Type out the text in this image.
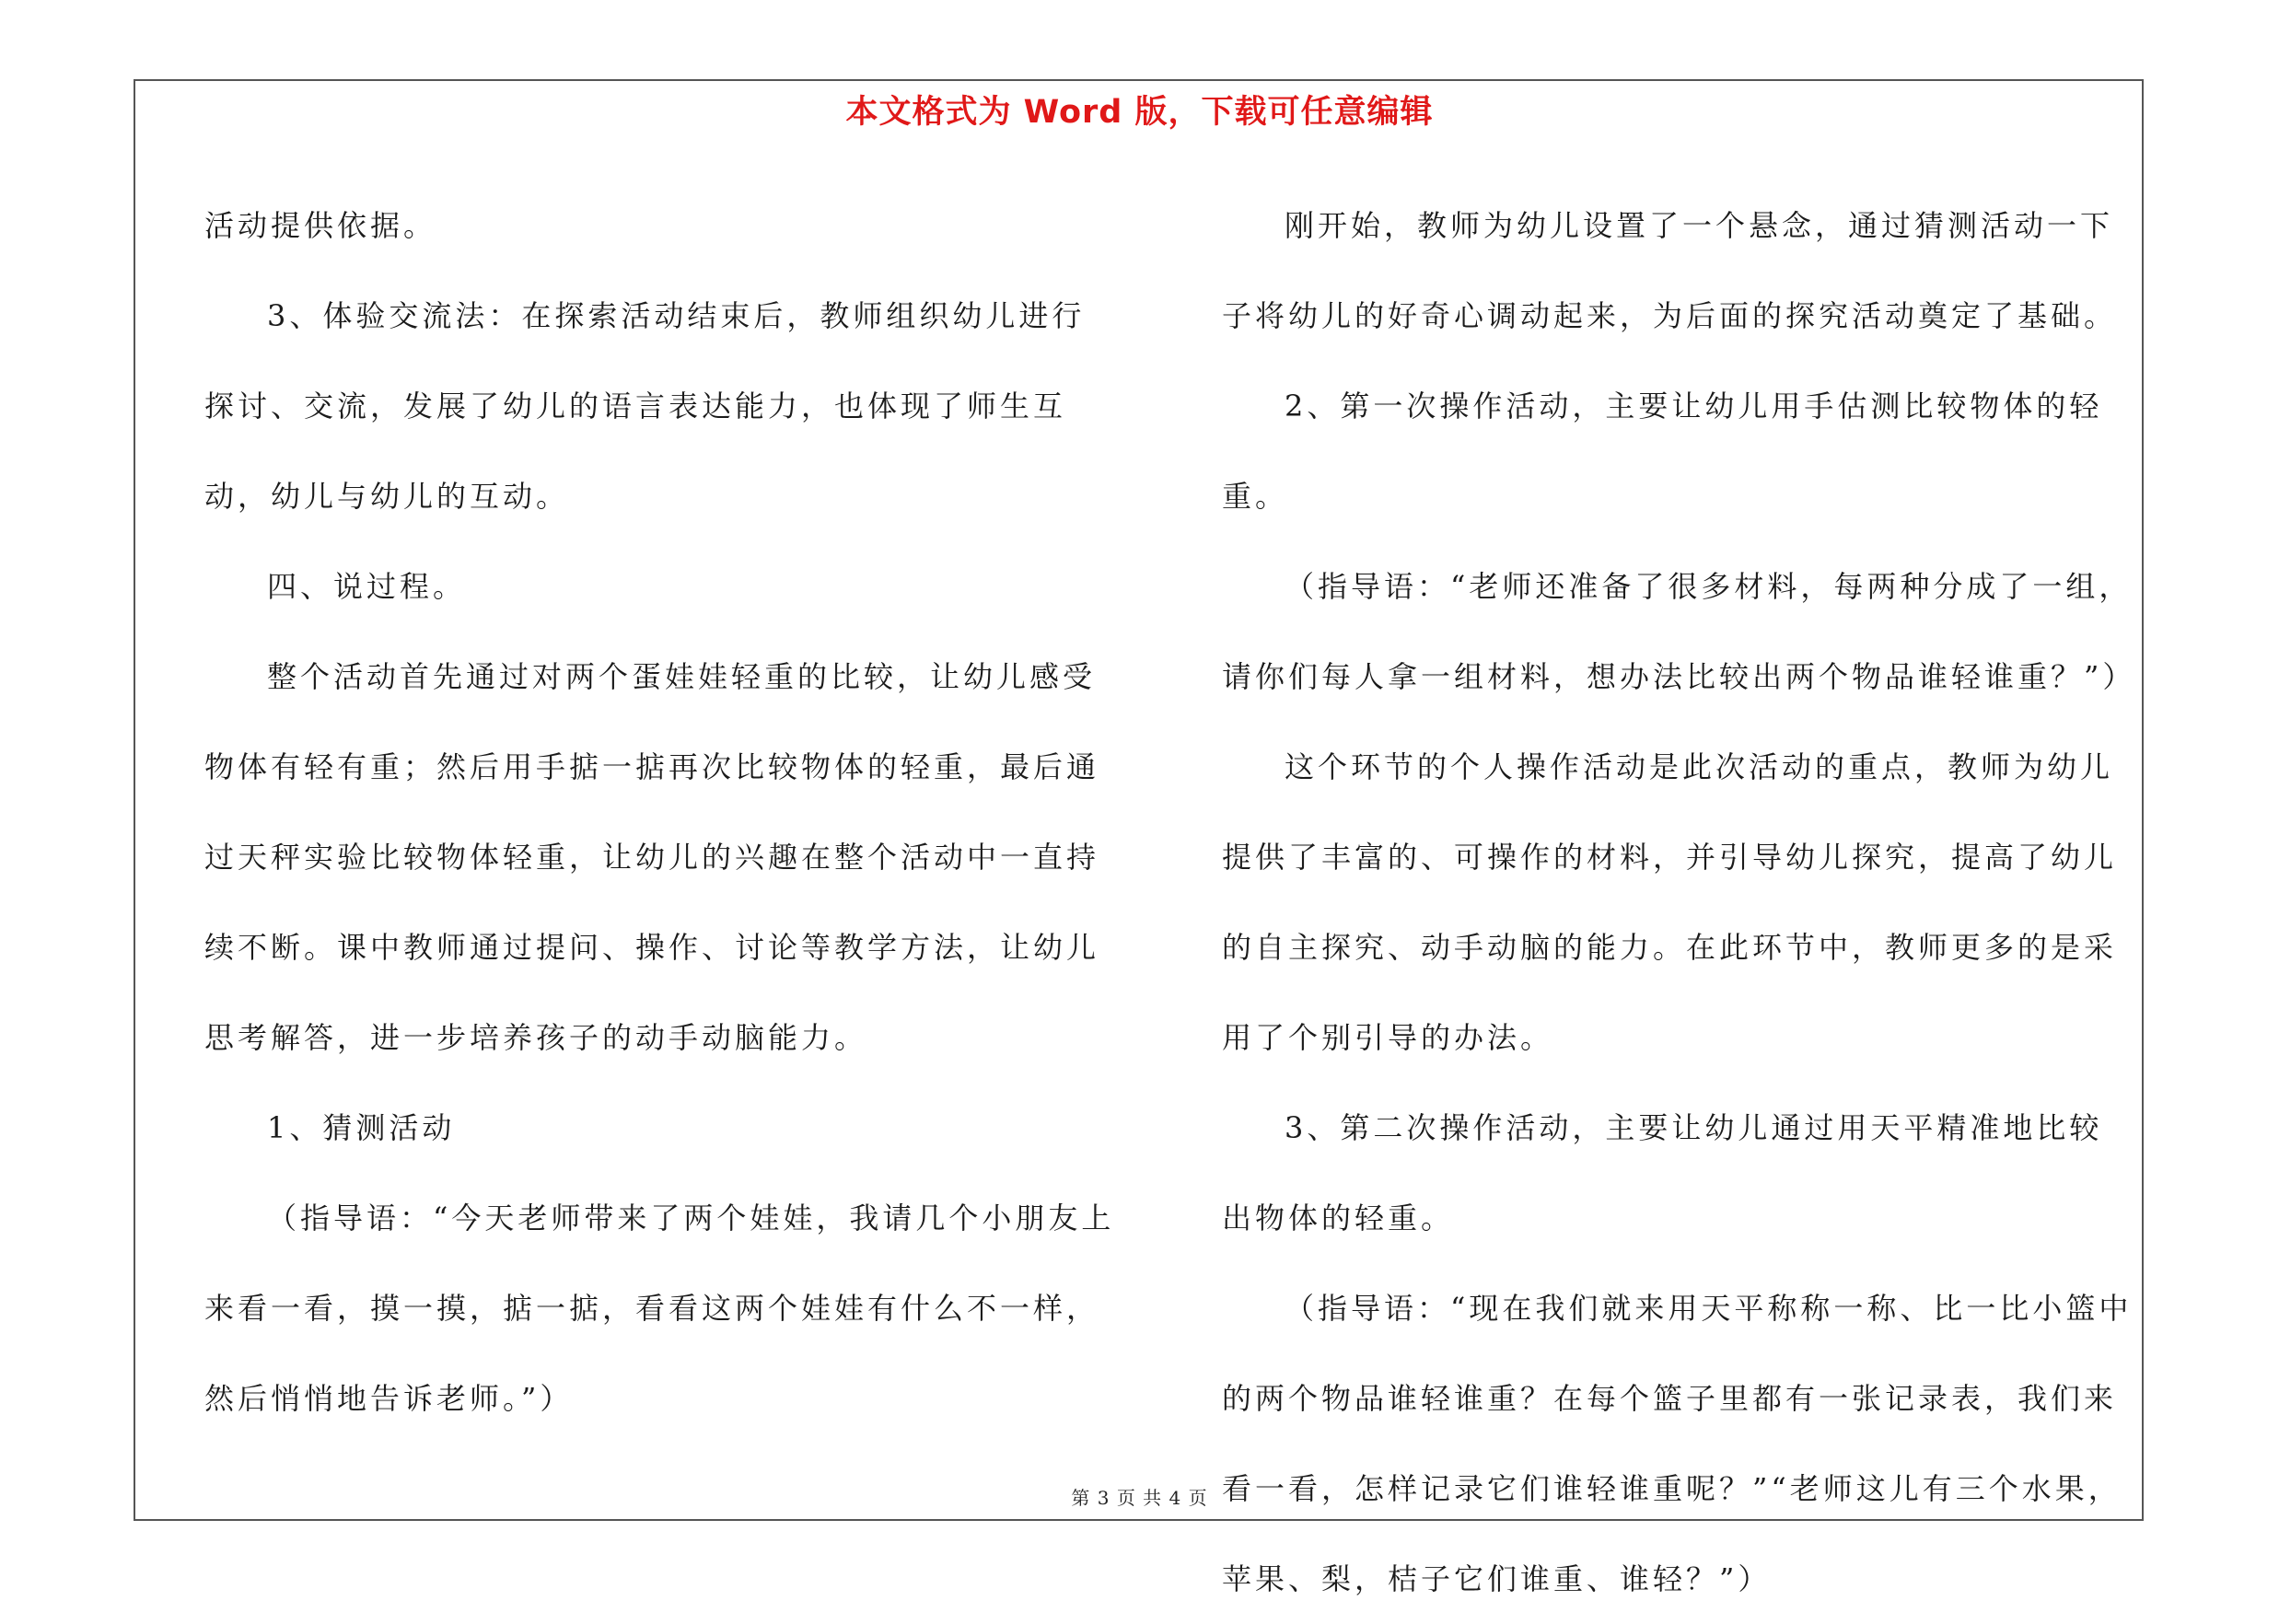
本文格式为 Word 版，下载可任意编辑

活动提供依据。

3、体验交流法：在探索活动结束后，教师组织幼儿进行探讨、交流，发展了幼儿的语言表达能力，也体现了师生互动，幼儿与幼儿的互动。

四、说过程。

整个活动首先通过对两个蛋娃娃轻重的比较，让幼儿感受物体有轻有重；然后用手掂一掂再次比较物体的轻重，最后通过天秤实验比较物体轻重，让幼儿的兴趣在整个活动中一直持续不断。课中教师通过提问、操作、讨论等教学方法，让幼儿思考解答，进一步培养孩子的动手动脑能力。

1、猜测活动

（指导语：“今天老师带来了两个娃娃，我请几个小朋友上来看一看，摸一摸，掂一掂，看看这两个娃娃有什么不一样，然后悄悄地告诉老师。”）

刚开始，教师为幼儿设置了一个悬念，通过猜测活动一下子将幼儿的好奇心调动起来，为后面的探究活动奠定了基础。

2、第一次操作活动，主要让幼儿用手估测比较物体的轻重。

（指导语：“老师还准备了很多材料，每两种分成了一组，请你们每人拿一组材料，想办法比较出两个物品谁轻谁重？”）

这个环节的个人操作活动是此次活动的重点，教师为幼儿提供了丰富的、可操作的材料，并引导幼儿探究，提高了幼儿的自主探究、动手动脑的能力。在此环节中，教师更多的是采用了个别引导的办法。

3、第二次操作活动，主要让幼儿通过用天平精准地比较出物体的轻重。

（指导语：“现在我们就来用天平称称一称、比一比小篮中的两个物品谁轻谁重？在每个篮子里都有一张记录表，我们来看一看，怎样记录它们谁轻谁重呢？”“老师这儿有三个水果，苹果、梨，桔子它们谁重、谁轻？”）

第 3 页 共 4 页
